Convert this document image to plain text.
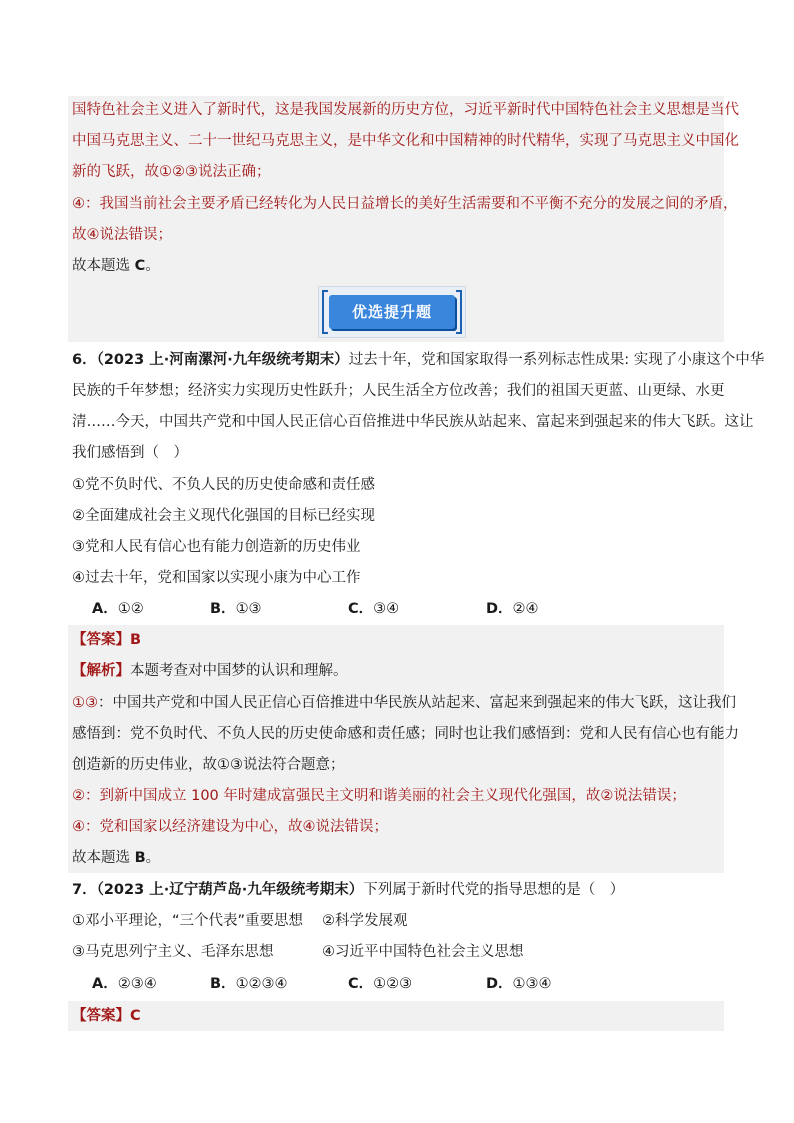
国特色社会主义进入了新时代，这是我国发展新的历史方位，习近平新时代中国特色社会主义思想是当代
中国马克思主义、二十一世纪马克思主义，是中华文化和中国精神的时代精华，实现了马克思主义中国化
新的飞跃，故①②③说法正确；
④：我国当前社会主要矛盾已经转化为人民日益增长的美好生活需要和不平衡不充分的发展之间的矛盾，
故④说法错误；
故本题选 C。
优选提升题
6．（2023 上·河南漯河·九年级统考期末）过去十年，党和国家取得一系列标志性成果: 实现了小康这个中华
民族的千年梦想；经济实力实现历史性跃升；人民生活全方位改善；我们的祖国天更蓝、山更绿、水更
清……今天，中国共产党和中国人民正信心百倍推进中华民族从站起来、富起来到强起来的伟大飞跃。这让
我们感悟到（　）
①党不负时代、不负人民的历史使命感和责任感
②全面建成社会主义现代化强国的目标已经实现
③党和人民有信心也有能力创造新的历史伟业
④过去十年，党和国家以实现小康为中心工作
A．①②	B．①③	C．③④	D．②④
【答案】B
【解析】本题考查对中国梦的认识和理解。
①③：中国共产党和中国人民正信心百倍推进中华民族从站起来、富起来到强起来的伟大飞跃，这让我们
感悟到：党不负时代、不负人民的历史使命感和责任感；同时也让我们感悟到：党和人民有信心也有能力
创造新的历史伟业，故①③说法符合题意；
②：到新中国成立 100 年时建成富强民主文明和谐美丽的社会主义现代化强国，故②说法错误；
④：党和国家以经济建设为中心，故④说法错误；
故本题选 B。
7．（2023 上·辽宁葫芦岛·九年级统考期末）下列属于新时代党的指导思想的是（　）
①邓小平理论，“三个代表”重要思想 ②科学发展观
③马克思列宁主义、毛泽东思想	④习近平中国特色社会主义思想
A．②③④	B．①②③④	C．①②③	D．①③④
【答案】C
